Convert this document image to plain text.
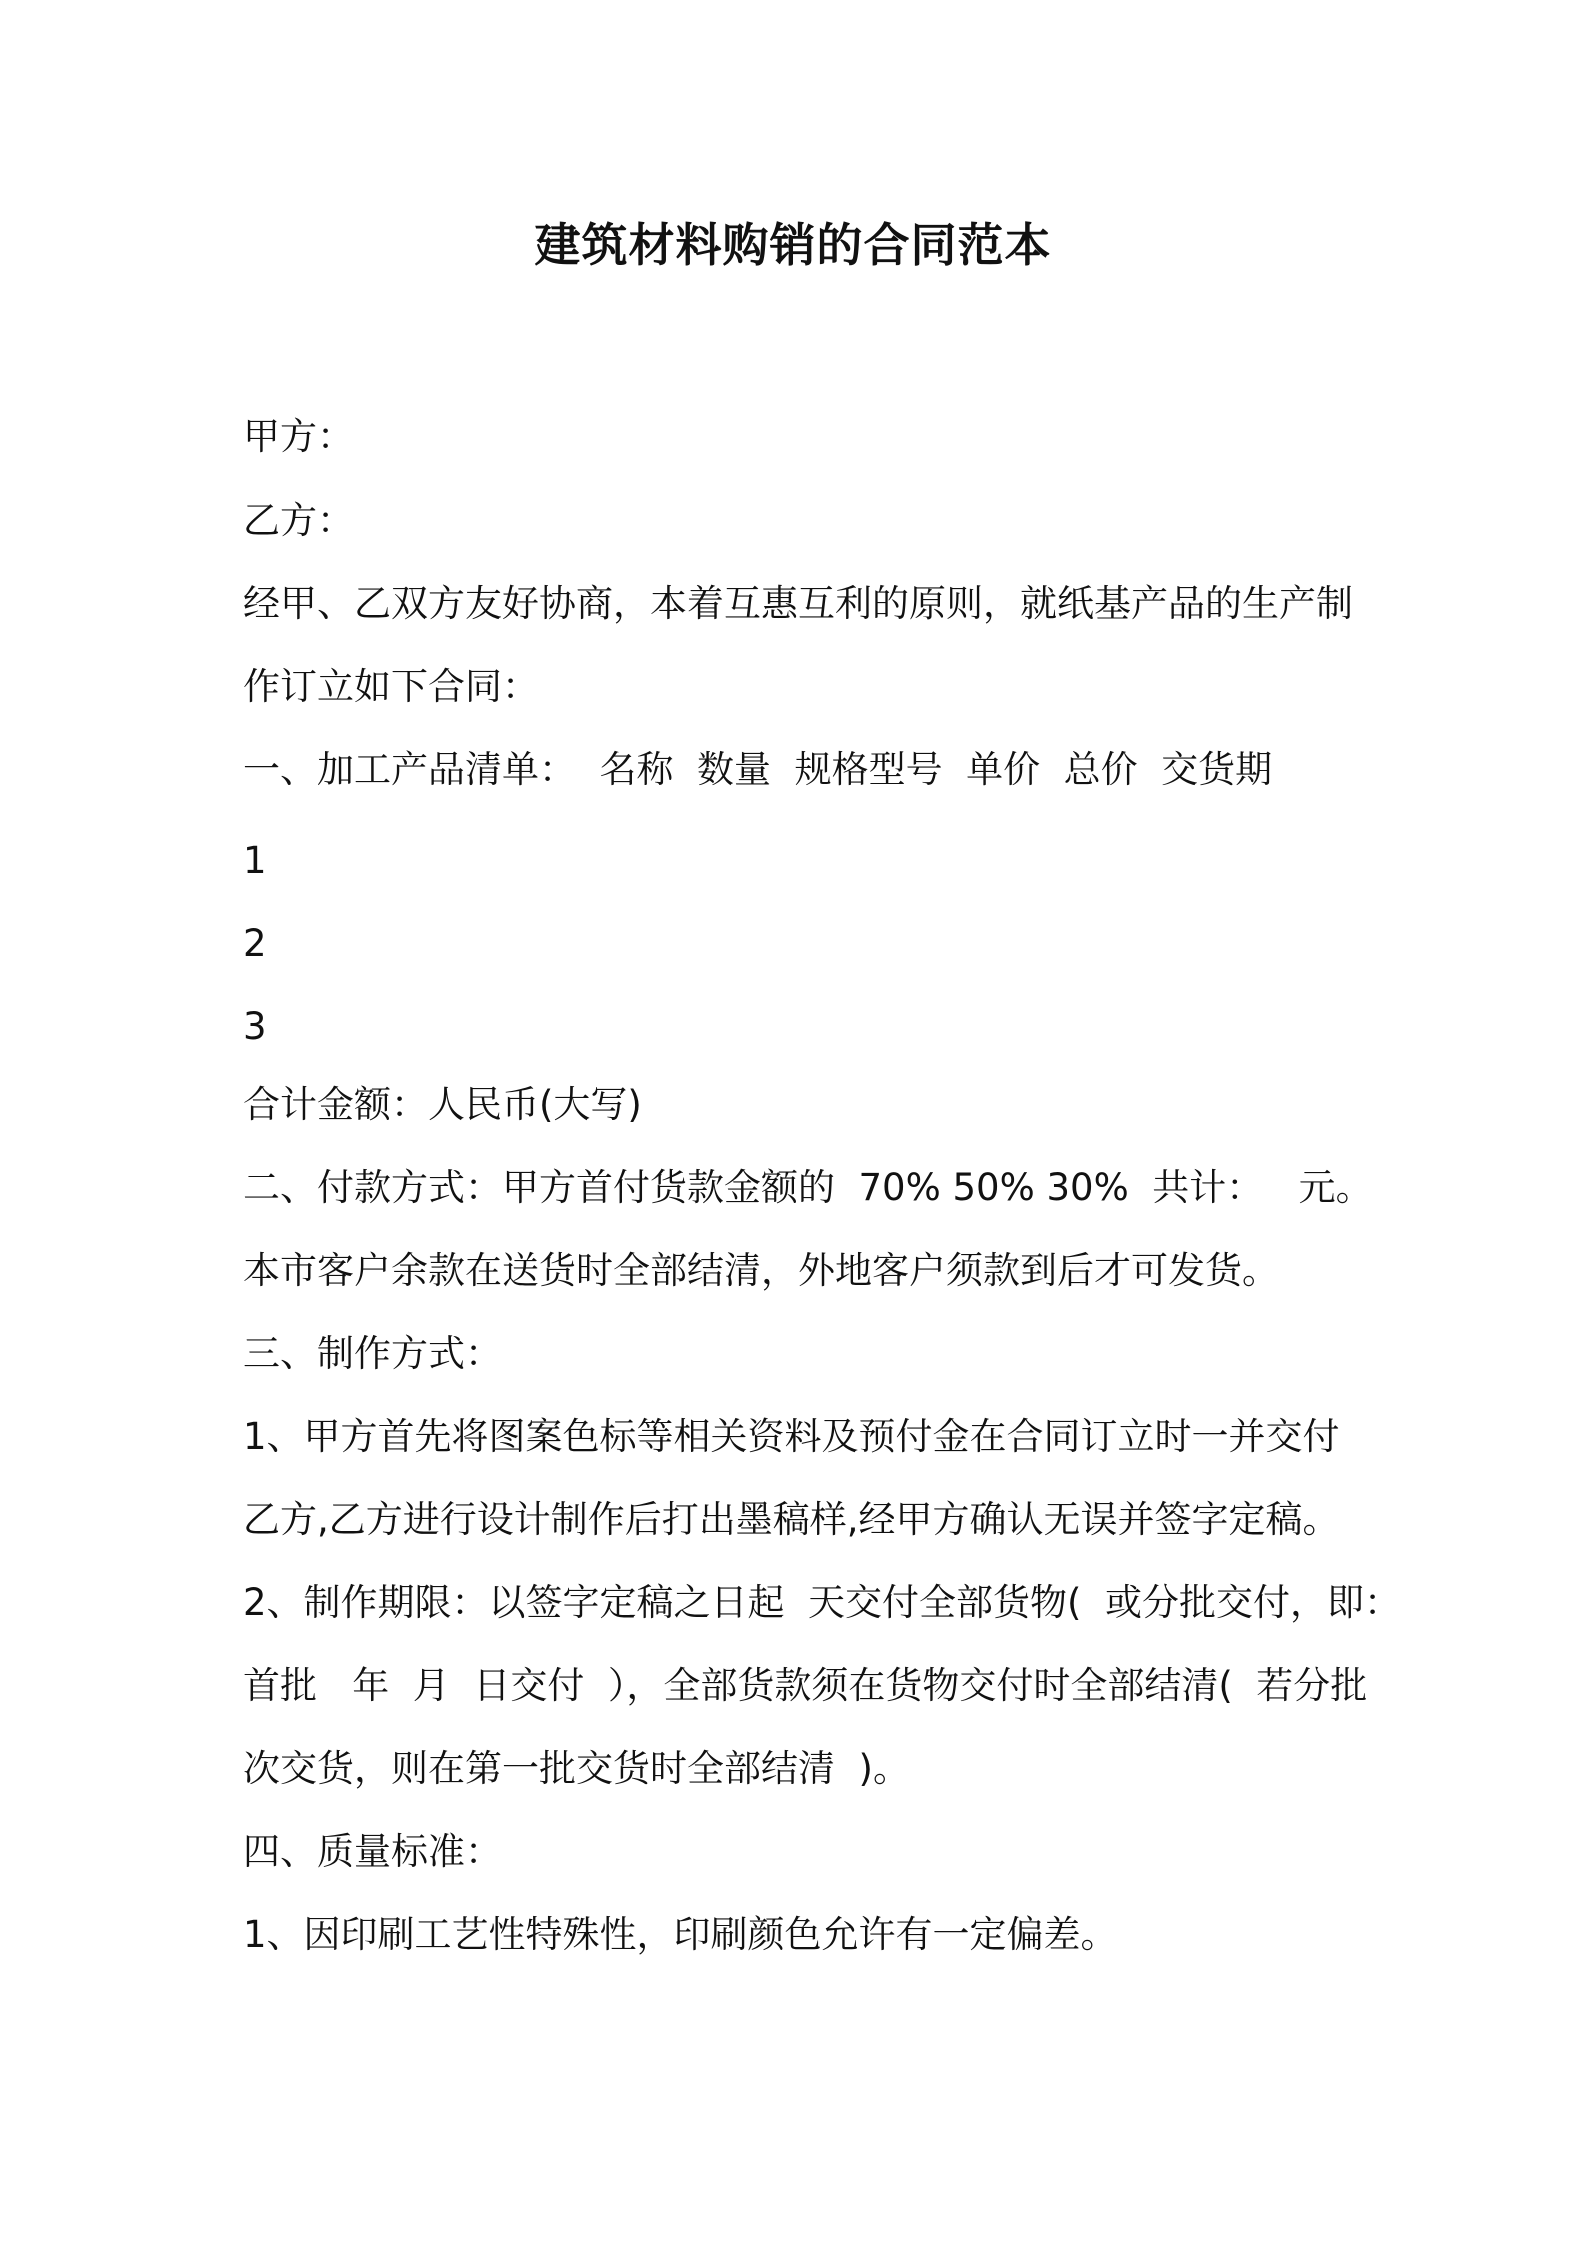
建筑材料购销的合同范本
甲方：
乙方：
经甲、乙双方友好协商，本着互惠互利的原则，就纸基产品的生产制
作订立如下合同：
一、加工产品清单：  名称  数量  规格型号  单价  总价  交货期
1
2
3
合计金额：人民币(大写)
二、付款方式：甲方首付货款金额的  70% 50% 30%  共计：   元。
本市客户余款在送货时全部结清，外地客户须款到后才可发货。
三、制作方式：
1、甲方首先将图案色标等相关资料及预付金在合同订立时一并交付
乙方,乙方进行设计制作后打出墨稿样,经甲方确认无误并签字定稿。
2、制作期限：以签字定稿之日起  天交付全部货物(  或分批交付，即：
首批   年  月  日交付  ），全部货款须在货物交付时全部结清(  若分批
次交货，则在第一批交货时全部结清  )。
四、质量标准：
1、因印刷工艺性特殊性，印刷颜色允许有一定偏差。
